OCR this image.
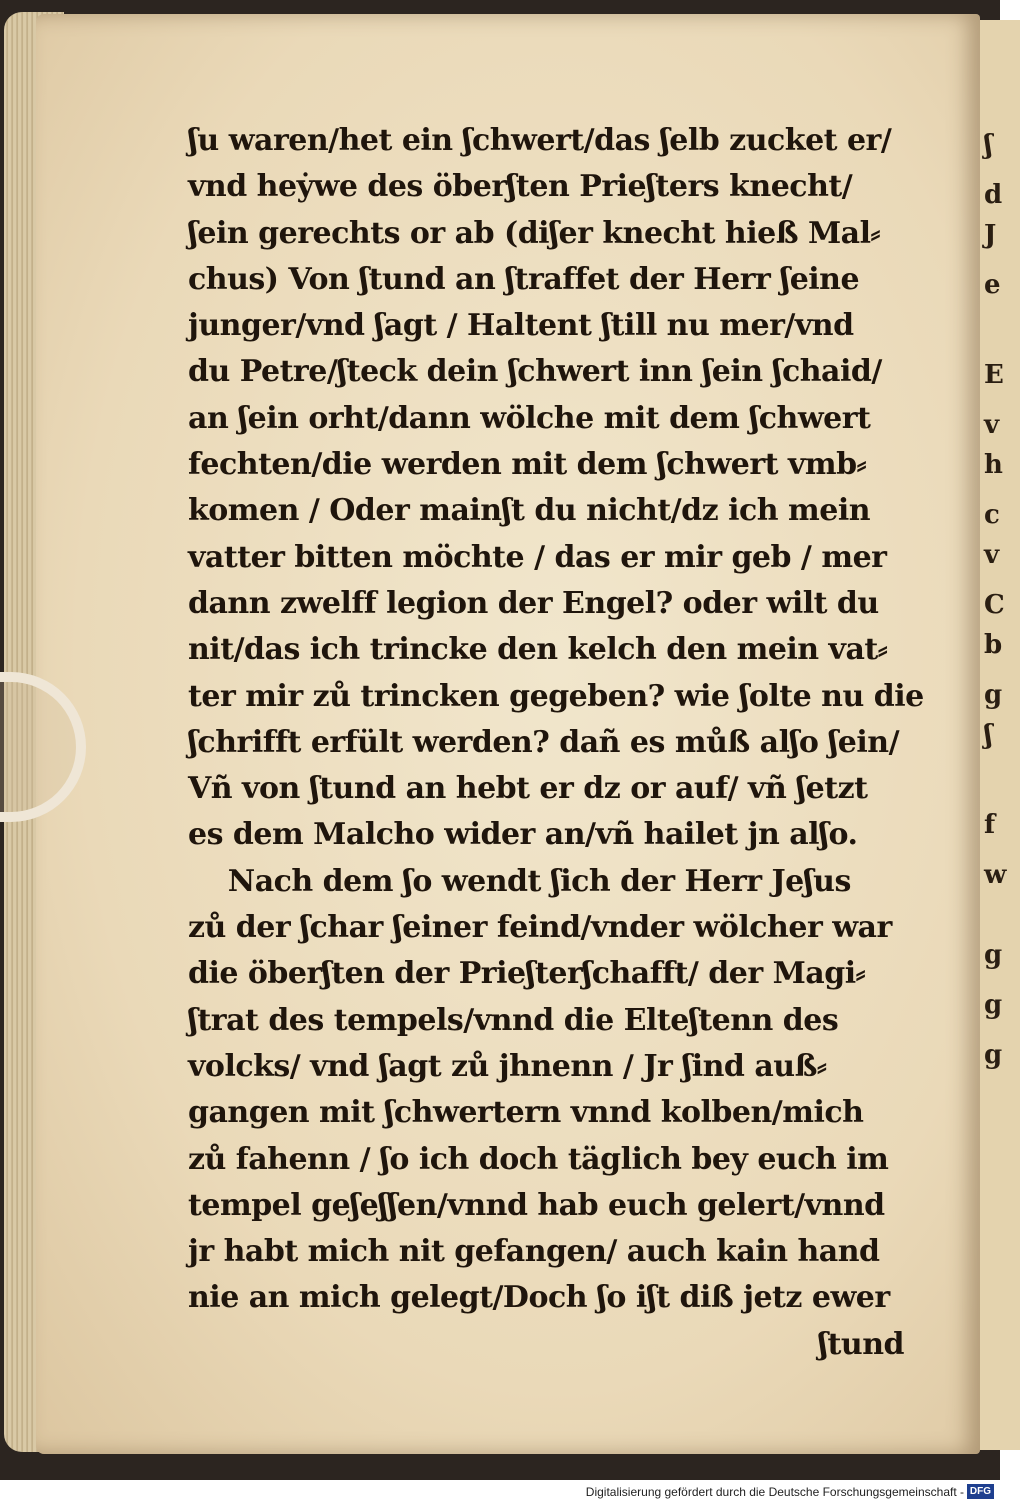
ʃ
d
J
e
E
v
h
c
v
C
b
g
ʃ
f
w
g
g
g
ʃu waren/het ein ʃchwert/das ʃelb zucket er/
vnd heẏwe des öberʃten Prieʃters knecht/
ʃein gerechts or ab (diʃer knecht hieß Mal⸗
chus) Von ʃtund an ʃtraffet der Herr ʃeine
junger/vnd ʃagt / Haltent ʃtill nu mer/vnd
du Petre/ʃteck dein ʃchwert inn ʃein ʃchaid/
an ʃein orht/dann wölche mit dem ʃchwert
fechten/die werden mit dem ʃchwert vmb⸗
komen / Oder mainʃt du nicht/dz ich mein
vatter bitten möchte / das er mir geb / mer
dann zwelff legion der Engel? oder wilt du
nit/das ich trincke den kelch den mein vat⸗
ter mir zů trincken gegeben? wie ʃolte nu die
ʃchrifft erfült werden? dañ es můß alʃo ʃein/
Vñ von ʃtund an hebt er dz or auf/ vñ ʃetzt
es dem Malcho wider an/vñ hailet jn alʃo.
Nach dem ʃo wendt ʃich der Herr Jeʃus
zů der ʃchar ʃeiner feind/vnder wölcher war
die öberʃten der Prieʃterʃchafft/ der Magi⸗
ʃtrat des tempels/vnnd die Elteʃtenn des
volcks/ vnd ʃagt zů jhnenn / Jr ʃind auß⸗
gangen mit ʃchwertern vnnd kolben/mich
zů fahenn / ʃo ich doch täglich bey euch im
tempel geʃeʃʃen/vnnd hab euch gelert/vnnd
jr habt mich nit gefangen/ auch kain hand
nie an mich gelegt/Doch ʃo iʃt diß jetz ewer
ʃtund
Digitalisierung gefördert durch die Deutsche Forschungsgemeinschaft - DFG
